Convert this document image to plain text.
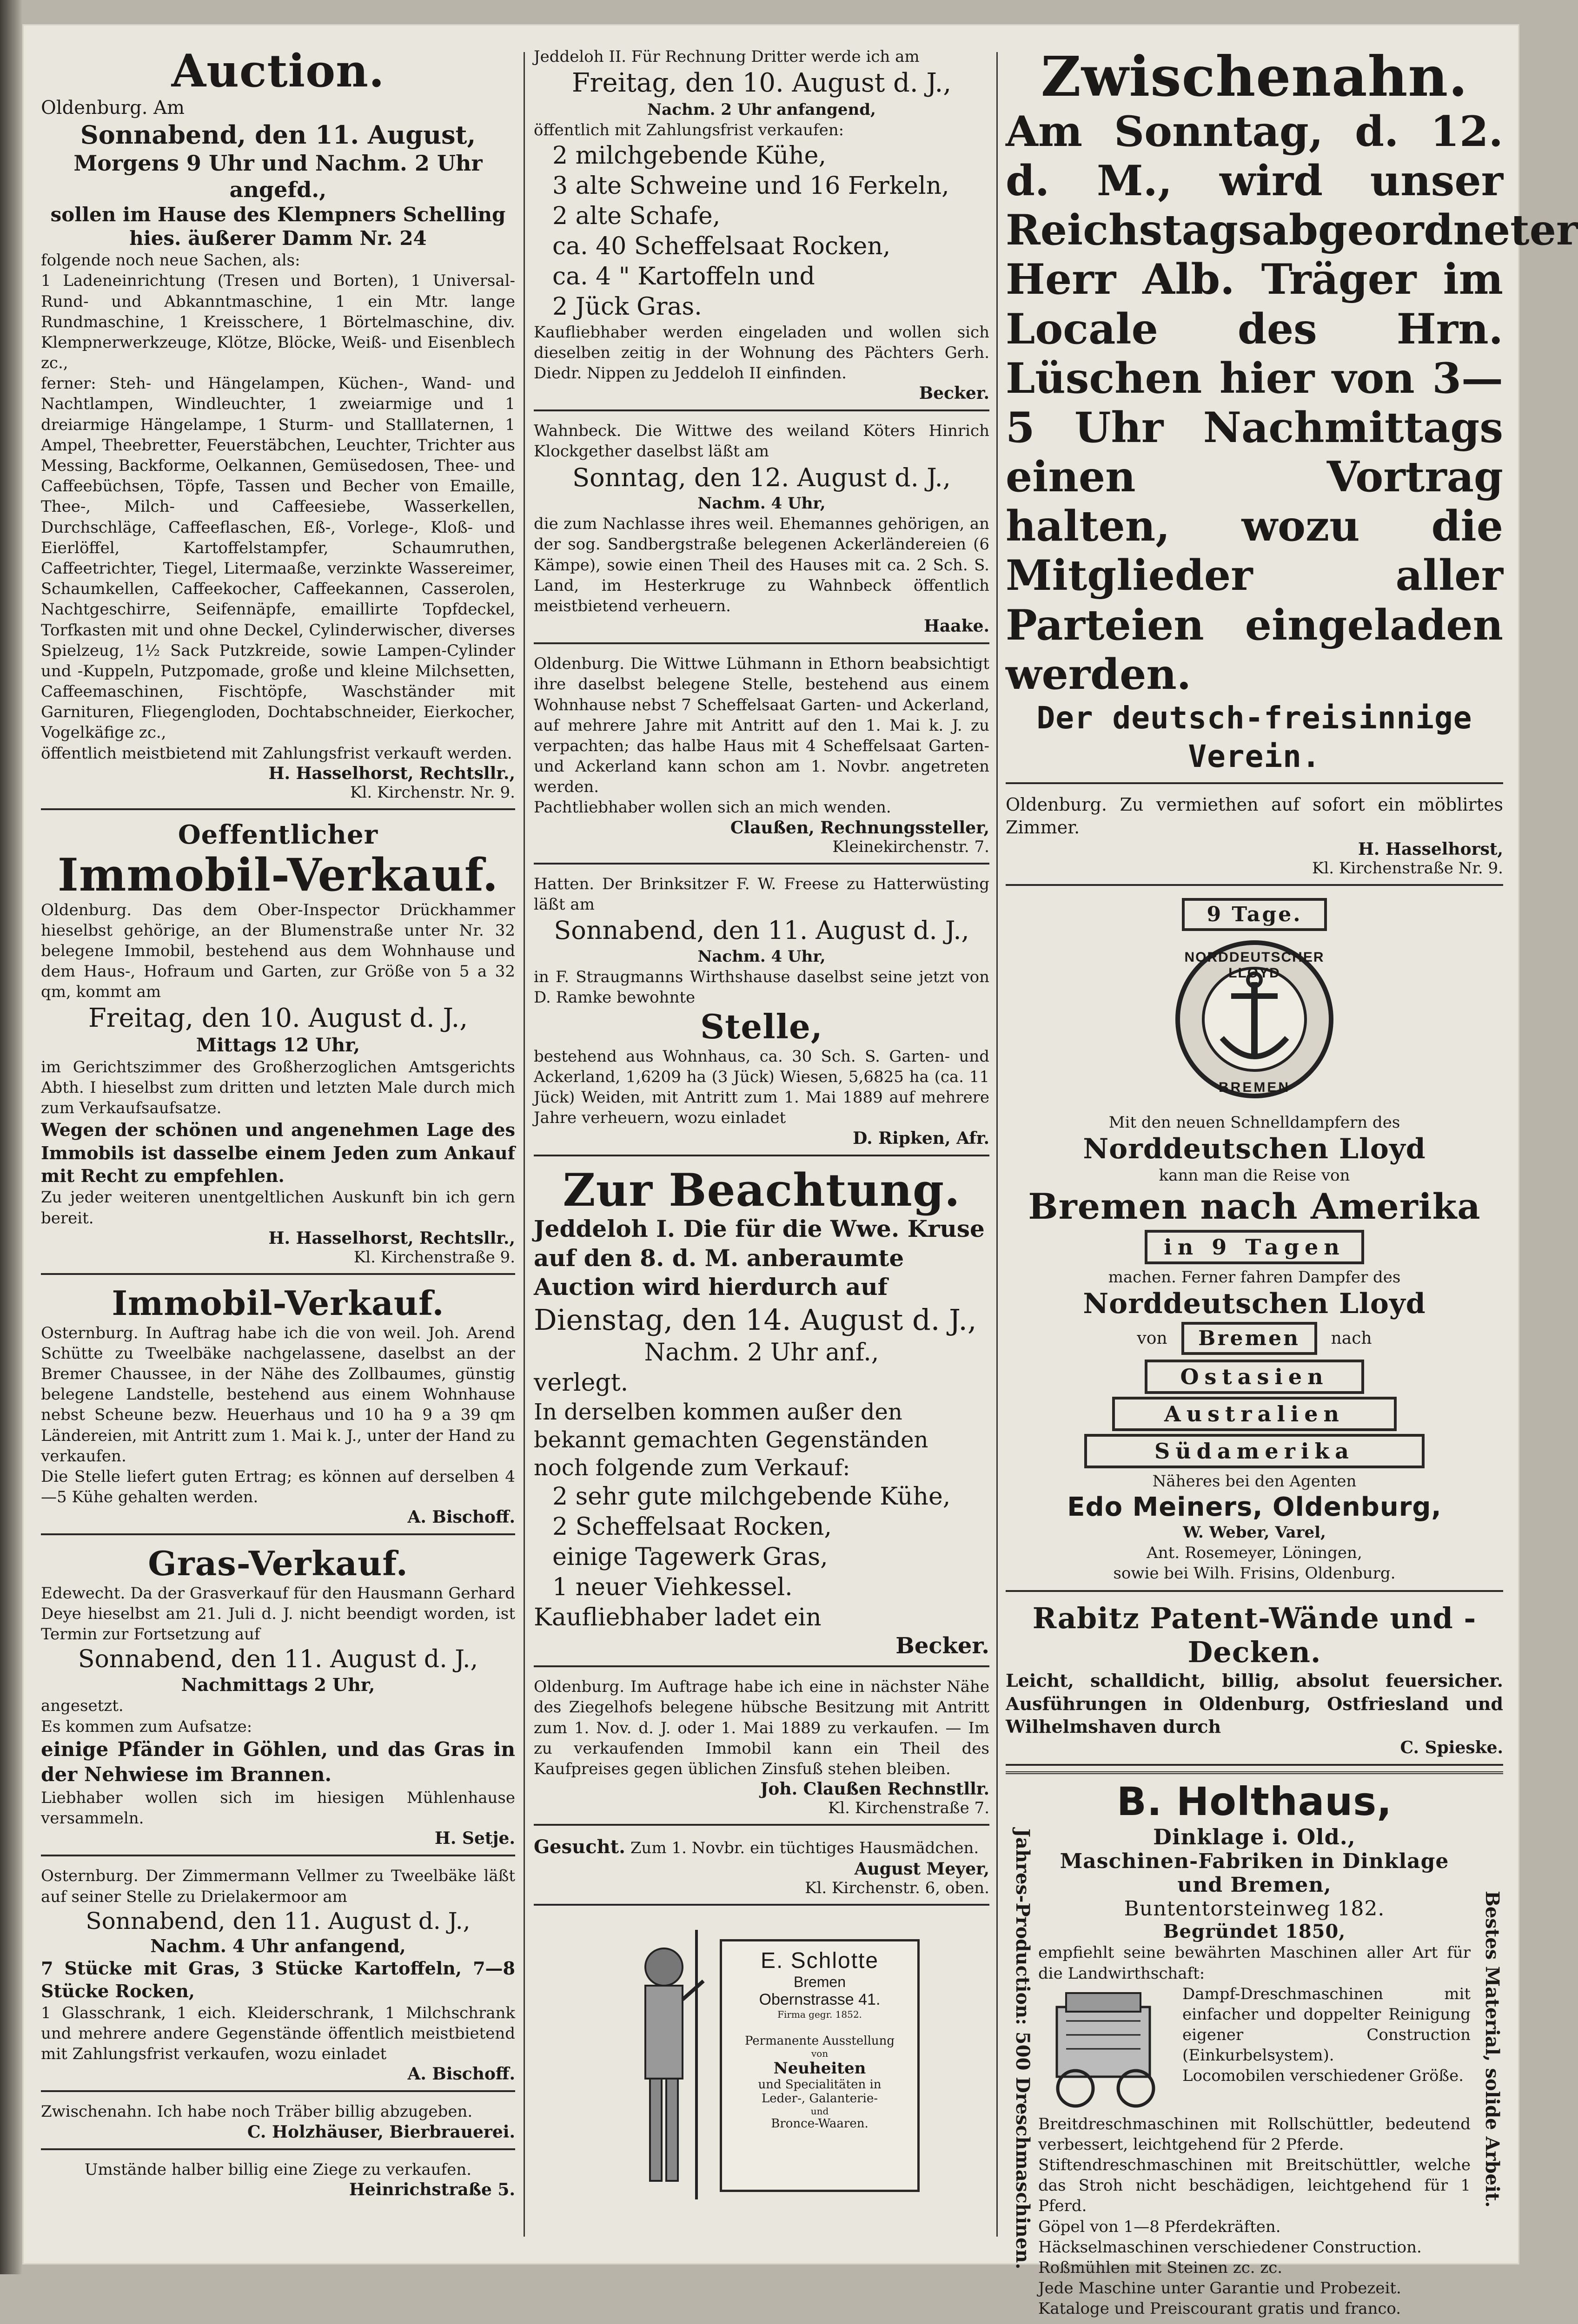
Auction.

Oldenburg. Am

Sonnabend, den 11. August,

Morgens 9 Uhr und Nachm. 2 Uhr angefd.,

sollen im Hause des Klempners Schelling hies. äußerer Damm Nr. 24

folgende noch neue Sachen, als:

1 Ladeneinrichtung (Tresen und Borten), 1 Universal-Rund- und Abkanntmaschine, 1 ein Mtr. lange Rundmaschine, 1 Kreisschere, 1 Börtelmaschine, div. Klempnerwerkzeuge, Klötze, Blöcke, Weiß- und Eisenblech zc.,

ferner: Steh- und Hängelampen, Küchen-, Wand- und Nachtlampen, Windleuchter, 1 zweiarmige und 1 dreiarmige Hängelampe, 1 Sturm- und Stalllaternen, 1 Ampel, Theebretter, Feuerstäbchen, Leuchter, Trichter aus Messing, Backforme, Oelkannen, Gemüsedosen, Thee- und Caffeebüchsen, Töpfe, Tassen und Becher von Emaille, Thee-, Milch- und Caffeesiebe, Wasserkellen, Durchschläge, Caffeeflaschen, Eß-, Vorlege-, Kloß- und Eierlöffel, Kartoffelstampfer, Schaumruthen, Caffeetrichter, Tiegel, Litermaaße, verzinkte Wassereimer, Schaumkellen, Caffeekocher, Caffeekannen, Casserolen, Nachtgeschirre, Seifennäpfe, emaillirte Topfdeckel, Torfkasten mit und ohne Deckel, Cylinderwischer, diverses Spielzeug, 1½ Sack Putzkreide, sowie Lampen-Cylinder und -Kuppeln, Putzpomade, große und kleine Milchsetten, Caffeemaschinen, Fischtöpfe, Waschständer mit Garnituren, Fliegengloden, Dochtabschneider, Eierkocher, Vogelkäfige zc.,

öffentlich meistbietend mit Zahlungsfrist verkauft werden.

H. Hasselhorst, Rechtsllr.,

Kl. Kirchenstr. Nr. 9.

Oeffentlicher

Immobil-Verkauf.

Oldenburg. Das dem Ober-Inspector Drückhammer hieselbst gehörige, an der Blumenstraße unter Nr. 32 belegene Immobil, bestehend aus dem Wohnhause und dem Haus-, Hofraum und Garten, zur Größe von 5 a 32 qm, kommt am

Freitag, den 10. August d. J.,

Mittags 12 Uhr,

im Gerichtszimmer des Großherzoglichen Amtsgerichts Abth. I hieselbst zum dritten und letzten Male durch mich zum Verkaufsaufsatze.

Wegen der schönen und angenehmen Lage des Immobils ist dasselbe einem Jeden zum Ankauf mit Recht zu empfehlen.

Zu jeder weiteren unentgeltlichen Auskunft bin ich gern bereit.

H. Hasselhorst, Rechtsllr.,

Kl. Kirchenstraße 9.

Immobil-Verkauf.

Osternburg. In Auftrag habe ich die von weil. Joh. Arend Schütte zu Tweelbäke nachgelassene, daselbst an der Bremer Chaussee, in der Nähe des Zollbaumes, günstig belegene Landstelle, bestehend aus einem Wohnhause nebst Scheune bezw. Heuerhaus und 10 ha 9 a 39 qm Ländereien, mit Antritt zum 1. Mai k. J., unter der Hand zu verkaufen.

Die Stelle liefert guten Ertrag; es können auf derselben 4—5 Kühe gehalten werden.

A. Bischoff.

Gras-Verkauf.

Edewecht. Da der Grasverkauf für den Hausmann Gerhard Deye hieselbst am 21. Juli d. J. nicht beendigt worden, ist Termin zur Fortsetzung auf

Sonnabend, den 11. August d. J.,

Nachmittags 2 Uhr,

angesetzt.

Es kommen zum Aufsatze:

einige Pfänder in Göhlen, und das Gras in der Nehwiese im Brannen.

Liebhaber wollen sich im hiesigen Mühlenhause versammeln.

H. Setje.

Osternburg. Der Zimmermann Vellmer zu Tweelbäke läßt auf seiner Stelle zu Drielakermoor am

Sonnabend, den 11. August d. J.,

Nachm. 4 Uhr anfangend,

7 Stücke mit Gras, 3 Stücke Kartoffeln, 7—8 Stücke Rocken,

1 Glasschrank, 1 eich. Kleiderschrank, 1 Milchschrank und mehrere andere Gegenstände öffentlich meistbietend mit Zahlungsfrist verkaufen, wozu einladet

A. Bischoff.

Zwischenahn. Ich habe noch Träber billig abzugeben.

C. Holzhäuser, Bierbrauerei.

Umstände halber billig eine Ziege zu verkaufen.

Heinrichstraße 5.

Jeddeloh II. Für Rechnung Dritter werde ich am

Freitag, den 10. August d. J.,

Nachm. 2 Uhr anfangend,

öffentlich mit Zahlungsfrist verkaufen:

2 milchgebende Kühe,

3 alte Schweine und 16 Ferkeln,

2 alte Schafe,

ca. 40 Scheffelsaat Rocken,

ca. 4 " Kartoffeln und

2 Jück Gras.

Kaufliebhaber werden eingeladen und wollen sich dieselben zeitig in der Wohnung des Pächters Gerh. Diedr. Nippen zu Jeddeloh II einfinden.

Becker.

Wahnbeck. Die Wittwe des weiland Köters Hinrich Klockgether daselbst läßt am

Sonntag, den 12. August d. J.,

Nachm. 4 Uhr,

die zum Nachlasse ihres weil. Ehemannes gehörigen, an der sog. Sandbergstraße belegenen Ackerländereien (6 Kämpe), sowie einen Theil des Hauses mit ca. 2 Sch. S. Land, im Hesterkruge zu Wahnbeck öffentlich meistbietend verheuern.

Haake.

Oldenburg. Die Wittwe Lühmann in Ethorn beabsichtigt ihre daselbst belegene Stelle, bestehend aus einem Wohnhause nebst 7 Scheffelsaat Garten- und Ackerland, auf mehrere Jahre mit Antritt auf den 1. Mai k. J. zu verpachten; das halbe Haus mit 4 Scheffelsaat Garten- und Ackerland kann schon am 1. Novbr. angetreten werden.

Pachtliebhaber wollen sich an mich wenden.

Claußen, Rechnungssteller,

Kleinekirchenstr. 7.

Hatten. Der Brinksitzer F. W. Freese zu Hatterwüsting läßt am

Sonnabend, den 11. August d. J.,

Nachm. 4 Uhr,

in F. Straugmanns Wirthshause daselbst seine jetzt von D. Ramke bewohnte

Stelle,

bestehend aus Wohnhaus, ca. 30 Sch. S. Garten- und Ackerland, 1,6209 ha (3 Jück) Wiesen, 5,6825 ha (ca. 11 Jück) Weiden, mit Antritt zum 1. Mai 1889 auf mehrere Jahre verheuern, wozu einladet

D. Ripken, Afr.

Zur Beachtung.

Jeddeloh I. Die für die Wwe. Kruse auf den 8. d. M. anberaumte Auction wird hierdurch auf

Dienstag, den 14. August d. J.,

Nachm. 2 Uhr anf.,

verlegt.

In derselben kommen außer den bekannt gemachten Gegenständen noch folgende zum Verkauf:

2 sehr gute milchgebende Kühe,

2 Scheffelsaat Rocken,

einige Tagewerk Gras,

1 neuer Viehkessel.

Kaufliebhaber ladet ein

Becker.

Oldenburg. Im Auftrage habe ich eine in nächster Nähe des Ziegelhofs belegene hübsche Besitzung mit Antritt zum 1. Nov. d. J. oder 1. Mai 1889 zu verkaufen. — Im zu verkaufenden Immobil kann ein Theil des Kaufpreises gegen üblichen Zinsfuß stehen bleiben.

Joh. Claußen Rechnstllr.

Kl. Kirchenstraße 7.

Gesucht. Zum 1. Novbr. ein tüchtiges Hausmädchen.

August Meyer,

Kl. Kirchenstr. 6, oben.

E. Schlotte

Bremen

Obernstrasse 41.

Firma gegr. 1852.

Permanente Ausstellung

von

Neuheiten

und Specialitäten in

Leder-, Galanterie-

und

Bronce-Waaren.

Zwischenahn.

Am Sonntag, d. 12. d. M., wird unser Reichstagsabgeordneter Herr Alb. Träger im Locale des Hrn. Lüschen hier von 3—5 Uhr Nachmittags einen Vortrag halten, wozu die Mitglieder aller Parteien eingeladen werden.

Der deutsch-freisinnige Verein.

Oldenburg. Zu vermiethen auf sofort ein möblirtes Zimmer.

H. Hasselhorst,

Kl. Kirchenstraße Nr. 9.

9 Tage.
NORDDEUTSCHER LLOYD
BREMEN

Mit den neuen Schnelldampfern des

Norddeutschen Lloyd

kann man die Reise von

Bremen nach Amerika

in 9 Tagen

machen. Ferner fahren Dampfer des

Norddeutschen Lloyd

von	Bremen	nach
Ostasien
Australien
Südamerika

Näheres bei den Agenten

Edo Meiners, Oldenburg,

W. Weber, Varel,

Ant. Rosemeyer, Löningen,

sowie bei Wilh. Frisins, Oldenburg.

Rabitz Patent-Wände und -Decken.

Leicht, schalldicht, billig, absolut feuersicher. Ausführungen in Oldenburg, Ostfriesland und Wilhelmshaven durch

C. Spieske.

Jahres-Production: 500 Dreschmaschinen.	Bestes Material, solide Arbeit.

B. Holthaus,

Dinklage i. Old.,

Maschinen-Fabriken in Dinklage und Bremen,

Buntentorsteinweg 182.

Begründet 1850,

empfiehlt seine bewährten Maschinen aller Art für die Landwirthschaft:

Dampf-Dreschmaschinen mit einfacher und doppelter Reinigung eigener Construction (Einkurbelsystem).

Locomobilen verschiedener Größe.

Breitdreschmaschinen mit Rollschüttler, bedeutend verbessert, leichtgehend für 2 Pferde.

Stiftendreschmaschinen mit Breitschüttler, welche das Stroh nicht beschädigen, leichtgehend für 1 Pferd.

Göpel von 1—8 Pferdekräften.

Häckselmaschinen verschiedener Construction.

Roßmühlen mit Steinen zc. zc.

Jede Maschine unter Garantie und Probezeit.

Kataloge und Preiscourant gratis und franco.
